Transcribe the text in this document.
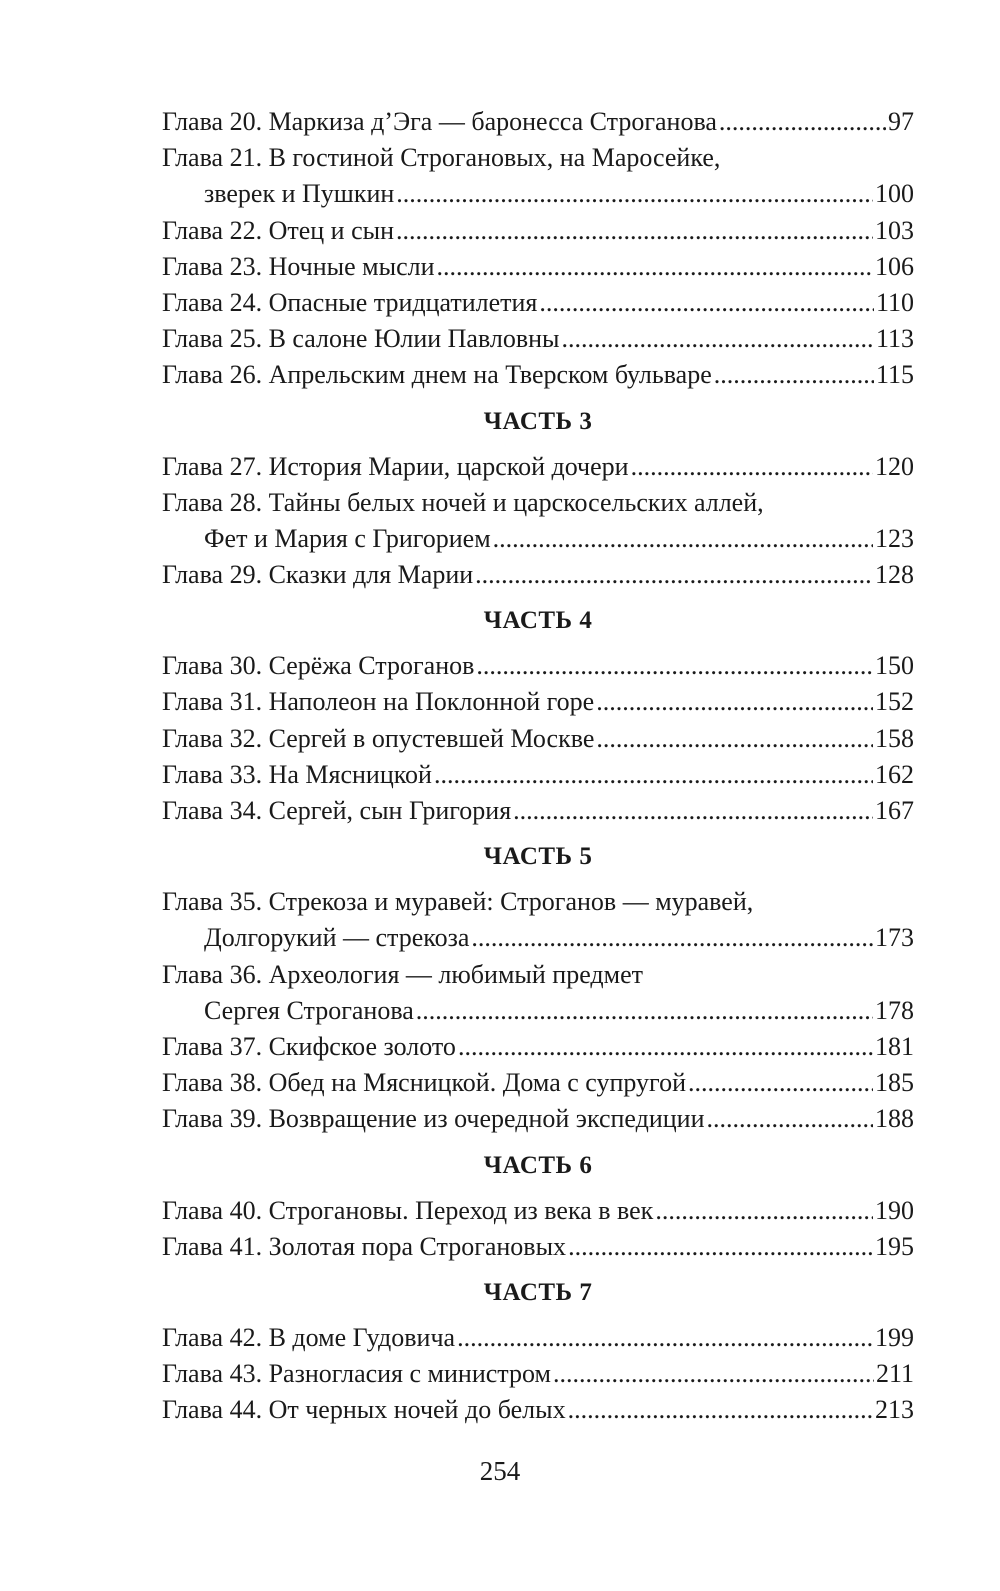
Глава 20. Маркиза д’Эга — баронесса Строганова .....	97
Глава 21. В гостиной Строгановых, на Маросейке,
зверек и Пушкин .....	100
Глава 22. Отец и сын .....	103
Глава 23. Ночные мысли .....	106
Глава 24. Опасные тридцатилетия .....	110
Глава 25. В салоне Юлии Павловны .....	113
Глава 26. Апрельским днем на Тверском бульваре .....	115
ЧАСТЬ 3
Глава 27. История Марии, царской дочери .....	120
Глава 28. Тайны белых ночей и царскосельских аллей,
Фет и Мария с Григорием .....	123
Глава 29. Сказки для Марии .....	128
ЧАСТЬ 4
Глава 30. Серёжа Строганов .....	150
Глава 31. Наполеон на Поклонной горе .....	152
Глава 32. Сергей в опустевшей Москве .....	158
Глава 33. На Мясницкой .....	162
Глава 34. Сергей, сын Григория .....	167
ЧАСТЬ 5
Глава 35. Стрекоза и муравей: Строганов — муравей,
Долгорукий — стрекоза .....	173
Глава 36. Археология — любимый предмет
Сергея Строганова .....	178
Глава 37. Скифское золото .....	181
Глава 38. Обед на Мясницкой. Дома с супругой .....	185
Глава 39. Возвращение из очередной экспедиции .....	188
ЧАСТЬ 6
Глава 40. Строгановы. Переход из века в век .....	190
Глава 41. Золотая пора Строгановых .....	195
ЧАСТЬ 7
Глава 42. В доме Гудовича .....	199
Глава 43. Разногласия с министром .....	211
Глава 44. От черных ночей до белых .....	213
254
